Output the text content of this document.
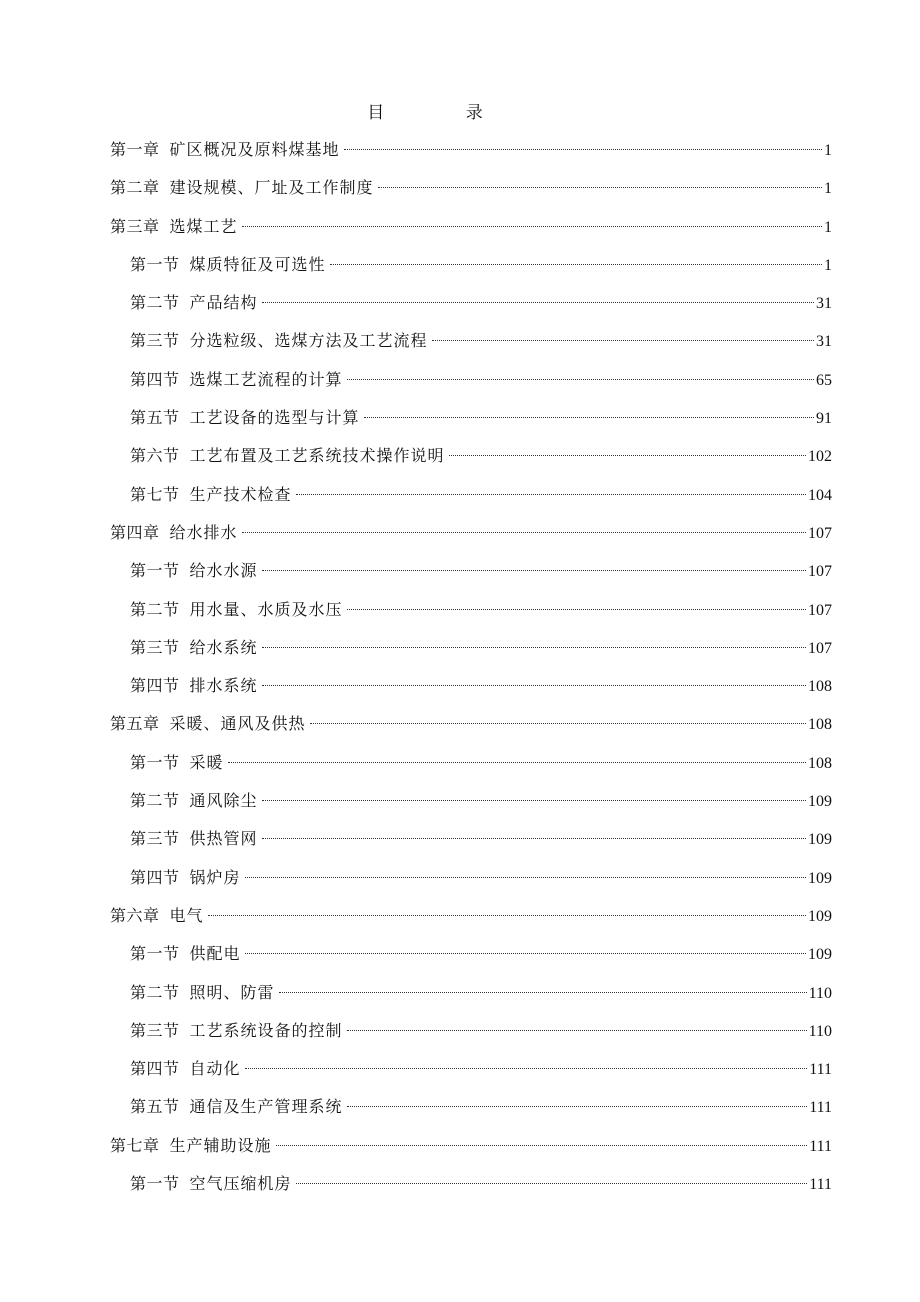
目 录
第一章 矿区概况及原料煤基地	1
第二章 建设规模、厂址及工作制度	1
第三章 选煤工艺	1
第一节 煤质特征及可选性	1
第二节 产品结构	31
第三节 分选粒级、选煤方法及工艺流程	31
第四节 选煤工艺流程的计算	65
第五节 工艺设备的选型与计算	91
第六节 工艺布置及工艺系统技术操作说明	102
第七节 生产技术检查	104
第四章 给水排水	107
第一节 给水水源	107
第二节 用水量、水质及水压	107
第三节 给水系统	107
第四节 排水系统	108
第五章 采暖、通风及供热	108
第一节 采暖	108
第二节 通风除尘	109
第三节 供热管网	109
第四节 锅炉房	109
第六章 电气	109
第一节 供配电	109
第二节 照明、防雷	110
第三节 工艺系统设备的控制	110
第四节 自动化	111
第五节 通信及生产管理系统	111
第七章 生产辅助设施	111
第一节 空气压缩机房	111
